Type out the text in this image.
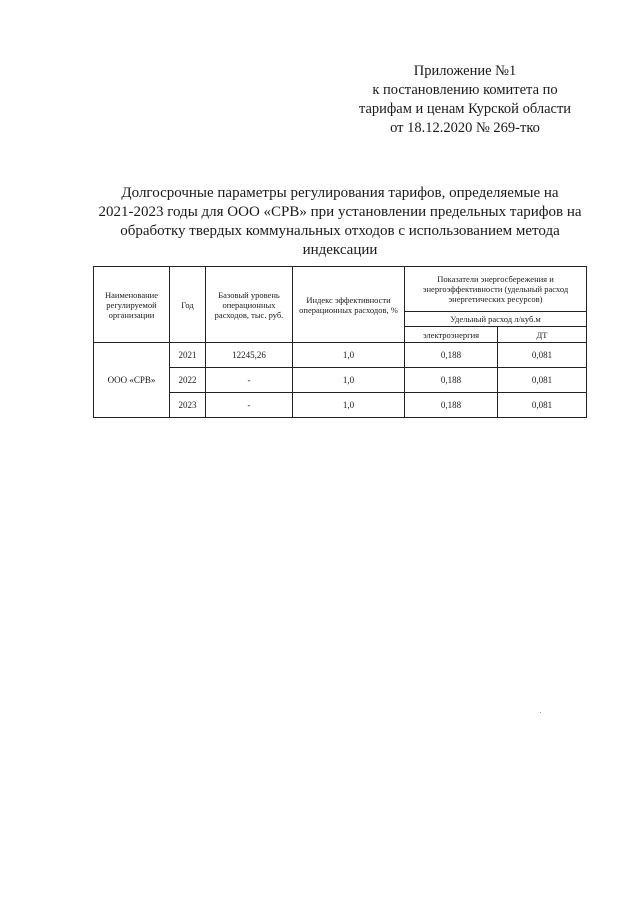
Приложение №1
к постановлению комитета по
тарифам и ценам Курской области
от 18.12.2020 № 269-тко
Долгосрочные параметры регулирования тарифов, определяемые на
2021-2023 годы для ООО «СРВ» при установлении предельных тарифов на
обработку твердых коммунальных отходов с использованием метода
индексации
Наименование регулируемой организации	Год	Базовый уровень операционных расходов, тыс. руб.	Индекс эффективности операционных расходов, %	Показатели энергосбережения и энергоэффективности (удельный расход энергетических ресурсов)	
				Удельный расход л/куб.м	
				электроэнергия	ДТ
ООО «СРВ»	2021	12245,26	1,0	0,188	0,081
	2022	-	1,0	0,188	0,081
	2023	-	1,0	0,188	0,081
